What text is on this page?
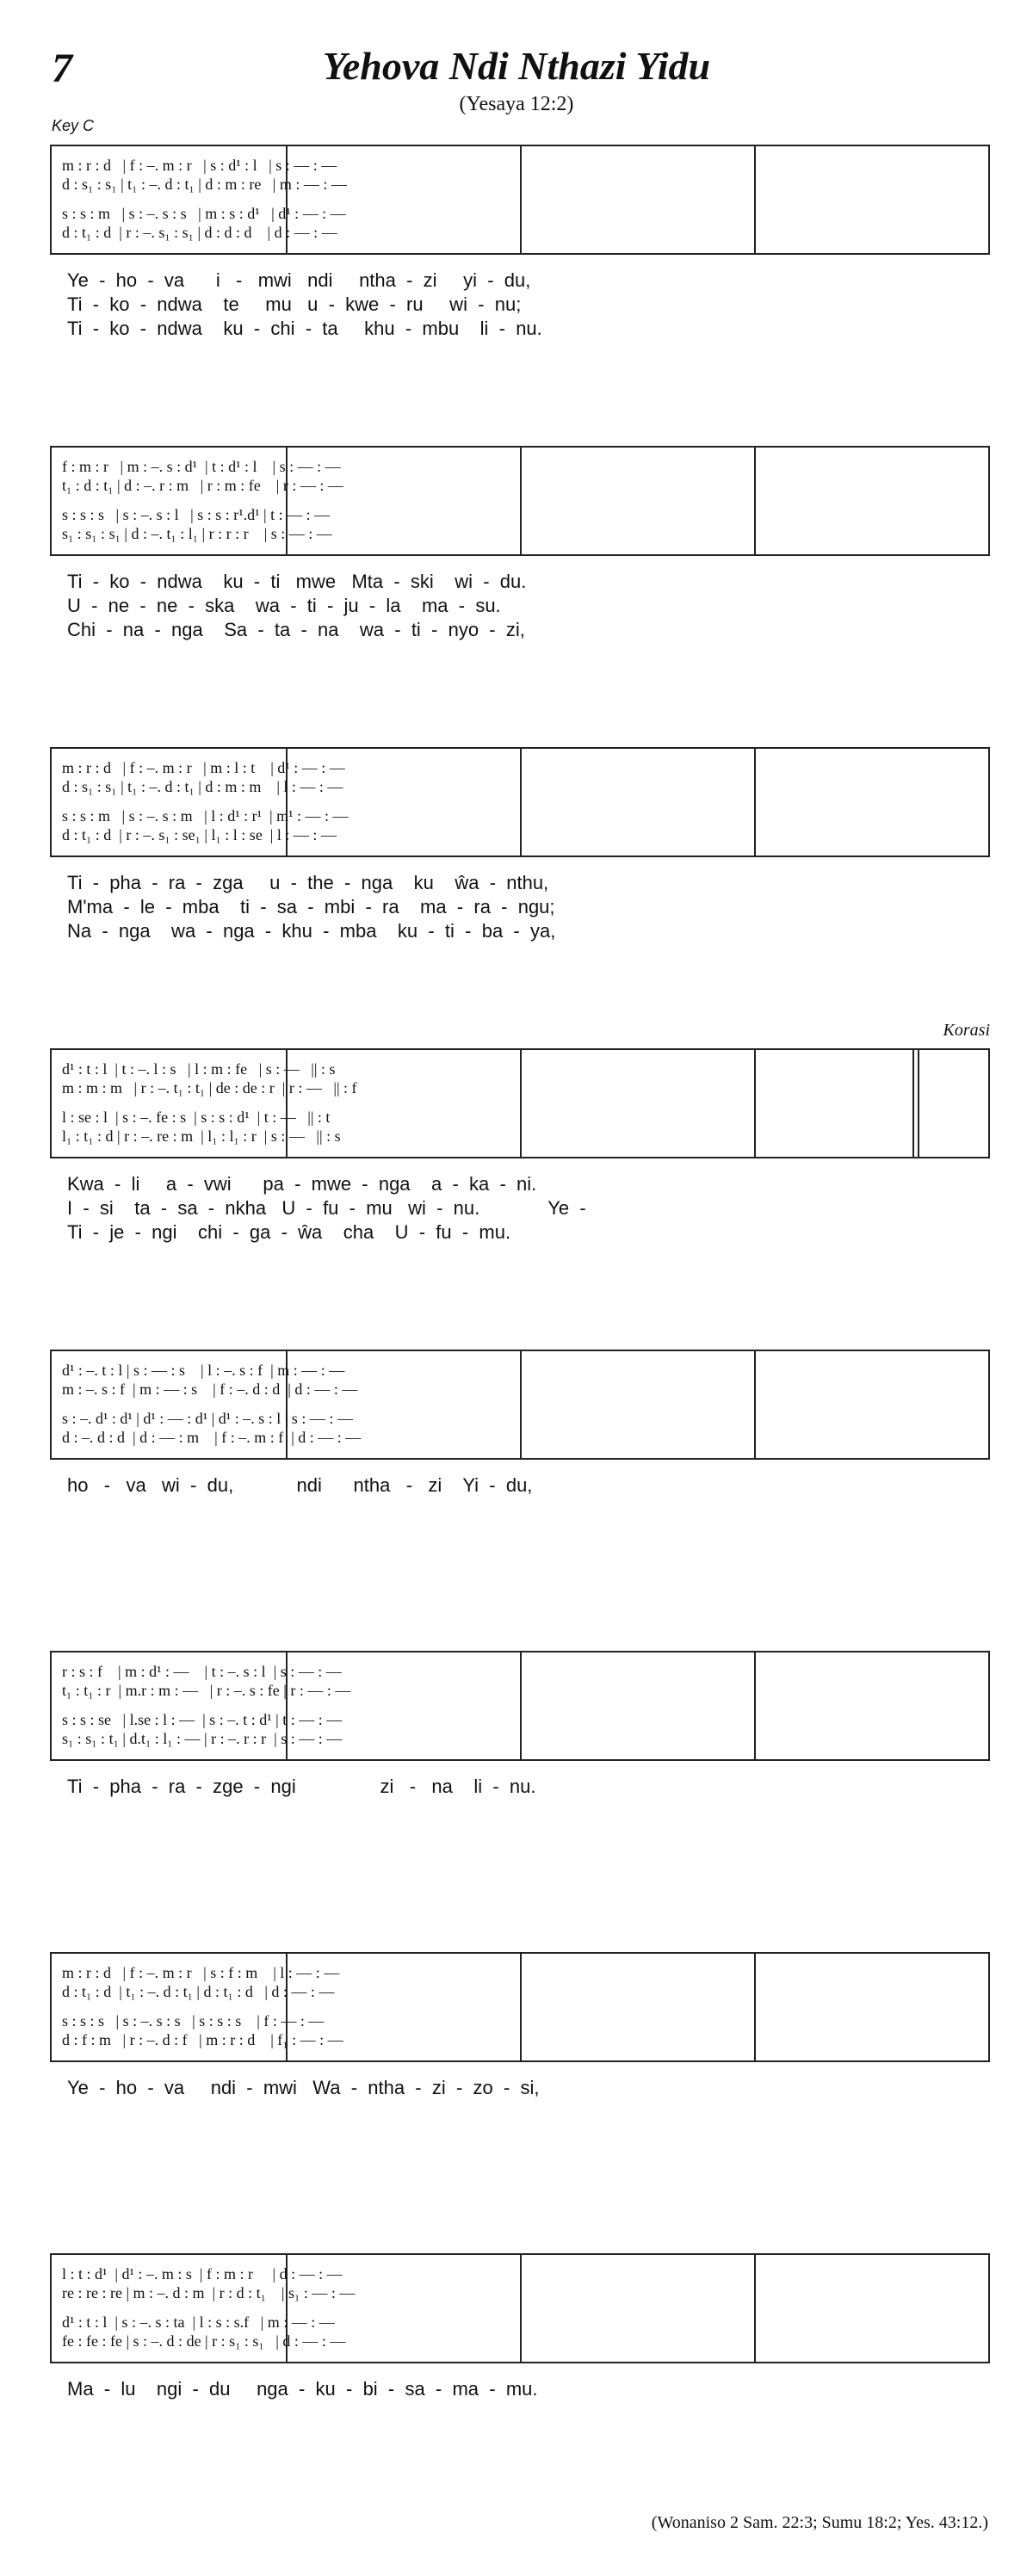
7	Yehova Ndi Nthazi Yidu
(Yesaya 12:2)
Key C
m : r : d   | f : –. m : r   | s : d¹ : l   | s : — : —
d : s₁ : s₁ | t₁ : –. d : t₁ | d : m : re   | m : — : —
s : s : m   | s : –. s : s   | m : s : d¹   | d¹ : — : —
d : t₁ : d  | r : –. s₁ : s₁ | d : d : d    | d : — : —
Ye  -  ho  -  va      i   -   mwi   ndi     ntha  -  zi     yi  -  du,
Ti  -  ko  -  ndwa    te     mu   u  -  kwe  -  ru     wi  -  nu;
Ti  -  ko  -  ndwa    ku  -  chi  -  ta     khu  -  mbu    li  -  nu.
f : m : r   | m : –. s : d¹  | t : d¹ : l    | s : — : —
t₁ : d : t₁ | d : –. r : m   | r : m : fe    | r : — : —
s : s : s   | s : –. s : l   | s : s : r¹.d¹ | t : — : —
s₁ : s₁ : s₁ | d : –. t₁ : l₁ | r : r : r    | s : — : —
Ti  -  ko  -  ndwa    ku  -  ti   mwe   Mta  -  ski    wi  -  du.
U  -  ne  -  ne  -  ska    wa  -  ti  -  ju  -  la    ma  -  su.
Chi  -  na  -  nga    Sa  -  ta  -  na    wa  -  ti  -  nyo  -  zi,
m : r : d   | f : –. m : r   | m : l : t    | d¹ : — : —
d : s₁ : s₁ | t₁ : –. d : t₁ | d : m : m    | l : — : —
s : s : m   | s : –. s : m   | l : d¹ : r¹  | m¹ : — : —
d : t₁ : d  | r : –. s₁ : se₁ | l₁ : l : se  | l : — : —
Ti  -  pha  -  ra  -  zga     u  -  the  -  nga    ku    ŵa  -  nthu,
M'ma  -  le  -  mba    ti  -  sa  -  mbi  -  ra    ma  -  ra  -  ngu;
Na  -  nga    wa  -  nga  -  khu  -  mba    ku  -  ti  -  ba  -  ya,
Korasi
d¹ : t : l  | t : –. l : s   | l : m : fe   | s : —   || : s
m : m : m   | r : –. t₁ : t₁ | de : de : r  | r : —   || : f
l : se : l  | s : –. fe : s  | s : s : d¹  | t : —   || : t
l₁ : t₁ : d | r : –. re : m  | l₁ : l₁ : r  | s : —   || : s
Kwa  -  li     a  -  vwi      pa  -  mwe  -  nga    a  -  ka  -  ni.
I  -  si    ta  -  sa  -  nkha   U  -  fu  -  mu   wi  -  nu.             Ye  -
Ti  -  je  -  ngi    chi  -  ga  -  ŵa    cha    U  -  fu  -  mu.
d¹ : –. t : l | s : — : s    | l : –. s : f  | m : — : —
m : –. s : f  | m : — : s    | f : –. d : d  | d : — : —
s : –. d¹ : d¹ | d¹ : — : d¹ | d¹ : –. s : l | s : — : —
d : –. d : d  | d : — : m    | f : –. m : f  | d : — : —
ho   -   va   wi  -  du,            ndi      ntha   -   zi    Yi  -  du,
r : s : f    | m : d¹ : —    | t : –. s : l  | s : — : —
t₁ : t₁ : r  | m.r : m : —   | r : –. s : fe | r : — : —
s : s : se   | l.se : l : —  | s : –. t : d¹ | t : — : —
s₁ : s₁ : t₁ | d.t₁ : l₁ : — | r : –. r : r  | s : — : —
Ti  -  pha  -  ra  -  zge  -  ngi                zi   -   na    li  -  nu.
m : r : d   | f : –. m : r   | s : f : m    | l : — : —
d : t₁ : d  | t₁ : –. d : t₁ | d : t₁ : d   | d : — : —
s : s : s   | s : –. s : s   | s : s : s    | f : — : —
d : f : m   | r : –. d : f   | m : r : d    | f₁ : — : —
Ye  -  ho  -  va     ndi  -  mwi   Wa  -  ntha  -  zi  -  zo  -  si,
l : t : d¹  | d¹ : –. m : s  | f : m : r     | d : — : —
re : re : re | m : –. d : m  | r : d : t₁    | s₁ : — : —
d¹ : t : l  | s : –. s : ta  | l : s : s.f   | m : — : —
fe : fe : fe | s : –. d : de | r : s₁ : s₁   | d : — : —
Ma  -  lu    ngi  -  du     nga  -  ku  -  bi  -  sa  -  ma  -  mu.
(Wonaniso 2 Sam. 22:3; Sumu 18:2; Yes. 43:12.)
